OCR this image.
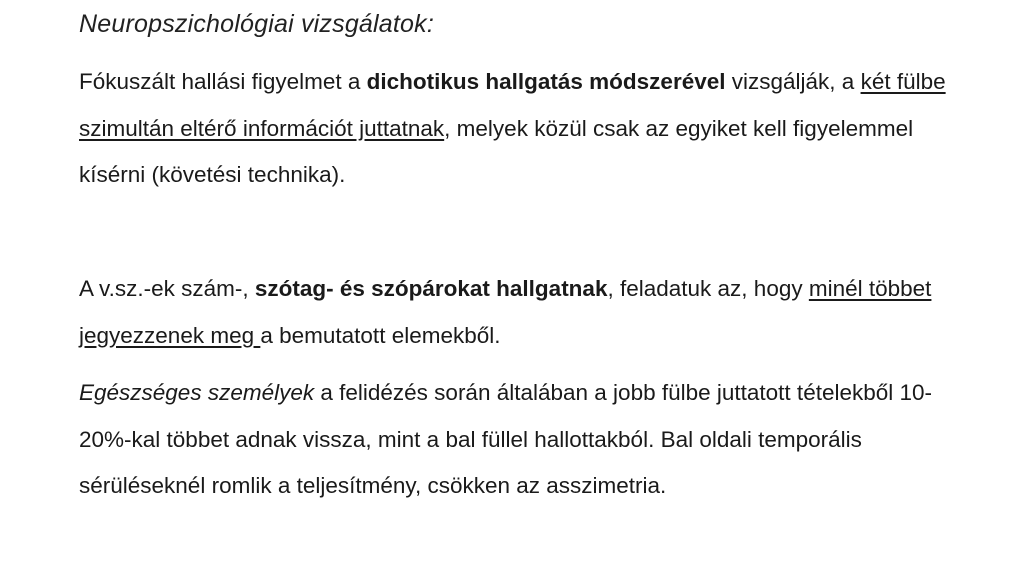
Neuropszichológiai vizsgálatok:

Fókuszált hallási figyelmet a dichotikus hallgatás módszerével vizsgálják, a két fülbe szimultán eltérő információt juttatnak, melyek közül csak az egyiket kell figyelemmel kísérni (követési technika).

A v.sz.-ek szám-, szótag- és szópárokat hallgatnak, feladatuk az, hogy minél többet jegyezzenek meg a bemutatott elemekből.

Egészséges személyek a felidézés során általában a jobb fülbe juttatott tételekből 10-20%-kal többet adnak vissza, mint a bal füllel hallottakból. Bal oldali temporális sérüléseknél romlik a teljesítmény, csökken az asszimetria.
